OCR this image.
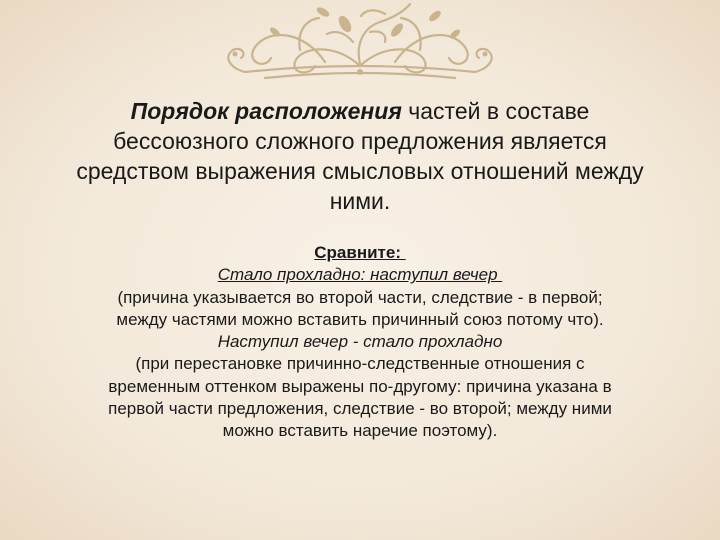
Порядок расположения частей в составе
бессоюзного сложного предложения является
средством выражения смысловых отношений между
ними.
Сравните:
Стало прохладно: наступил вечер
(причина указывается во второй части, следствие - в первой;
между частями можно вставить причинный союз потому что).
Наступил вечер - стало прохладно
(при перестановке причинно-следственные отношения с
временным оттенком выражены по-другому: причина указана в
первой части предложения, следствие - во второй; между ними
можно вставить наречие поэтому).
